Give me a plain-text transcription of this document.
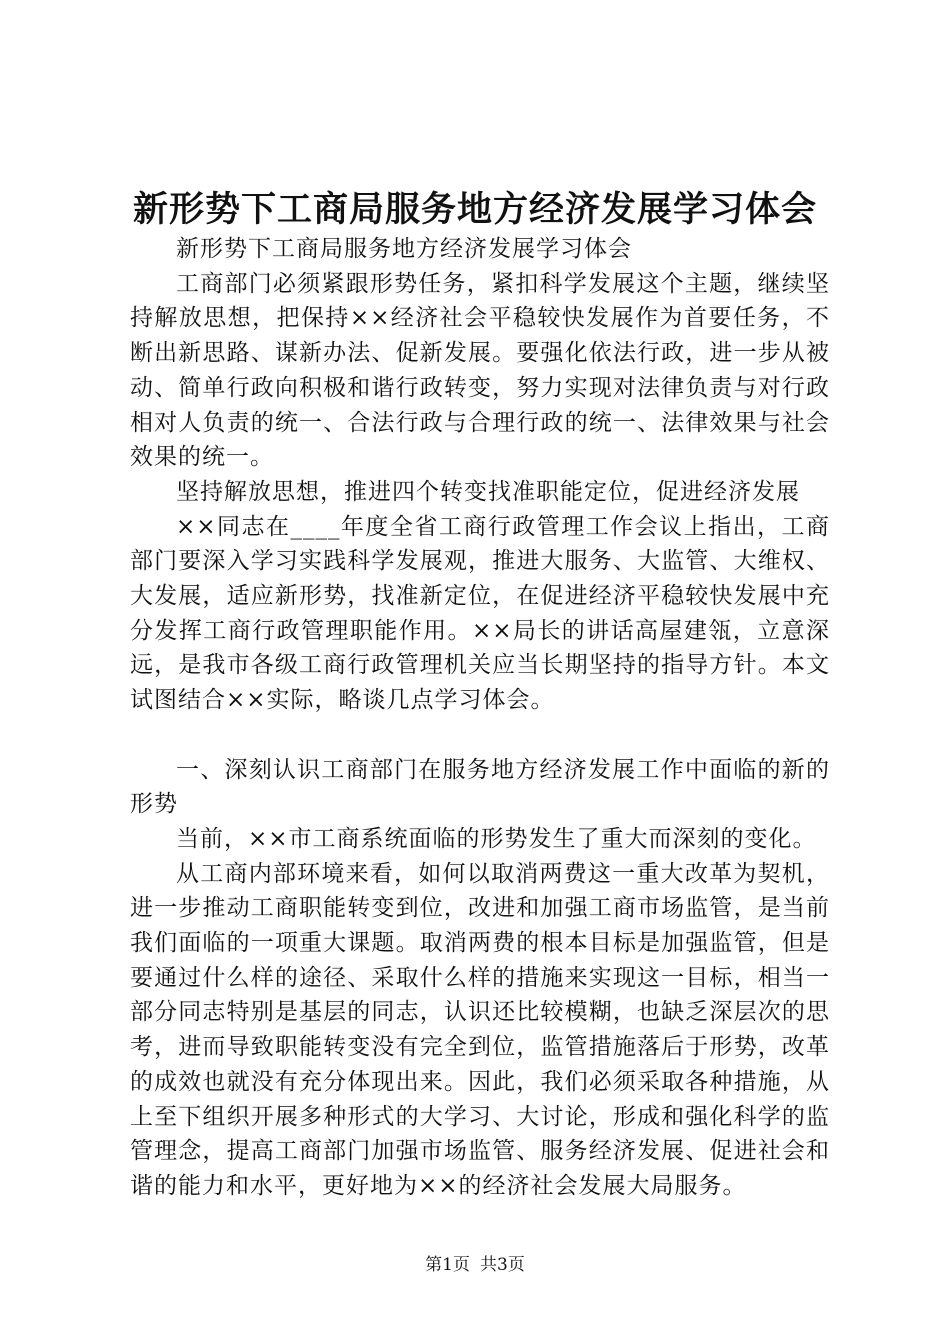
新形势下工商局服务地方经济发展学习体会

新形势下工商局服务地方经济发展学习体会

工商部门必须紧跟形势任务，紧扣科学发展这个主题，继续坚持解放思想，把保持××经济社会平稳较快发展作为首要任务，不断出新思路、谋新办法、促新发展。要强化依法行政，进一步从被动、简单行政向积极和谐行政转变，努力实现对法律负责与对行政相对人负责的统一、合法行政与合理行政的统一、法律效果与社会效果的统一。

坚持解放思想，推进四个转变找准职能定位，促进经济发展

××同志在____年度全省工商行政管理工作会议上指出，工商部门要深入学习实践科学发展观，推进大服务、大监管、大维权、大发展，适应新形势，找准新定位，在促进经济平稳较快发展中充分发挥工商行政管理职能作用。××局长的讲话高屋建瓴，立意深远，是我市各级工商行政管理机关应当长期坚持的指导方针。本文试图结合××实际，略谈几点学习体会。

一、深刻认识工商部门在服务地方经济发展工作中面临的新的形势

当前，××市工商系统面临的形势发生了重大而深刻的变化。

从工商内部环境来看，如何以取消两费这一重大改革为契机，进一步推动工商职能转变到位，改进和加强工商市场监管，是当前我们面临的一项重大课题。取消两费的根本目标是加强监管，但是要通过什么样的途径、采取什么样的措施来实现这一目标，相当一部分同志特别是基层的同志，认识还比较模糊，也缺乏深层次的思考，进而导致职能转变没有完全到位，监管措施落后于形势，改革的成效也就没有充分体现出来。因此，我们必须采取各种措施，从上至下组织开展多种形式的大学习、大讨论，形成和强化科学的监管理念，提高工商部门加强市场监管、服务经济发展、促进社会和谐的能力和水平，更好地为××的经济社会发展大局服务。

第1页 共3页
